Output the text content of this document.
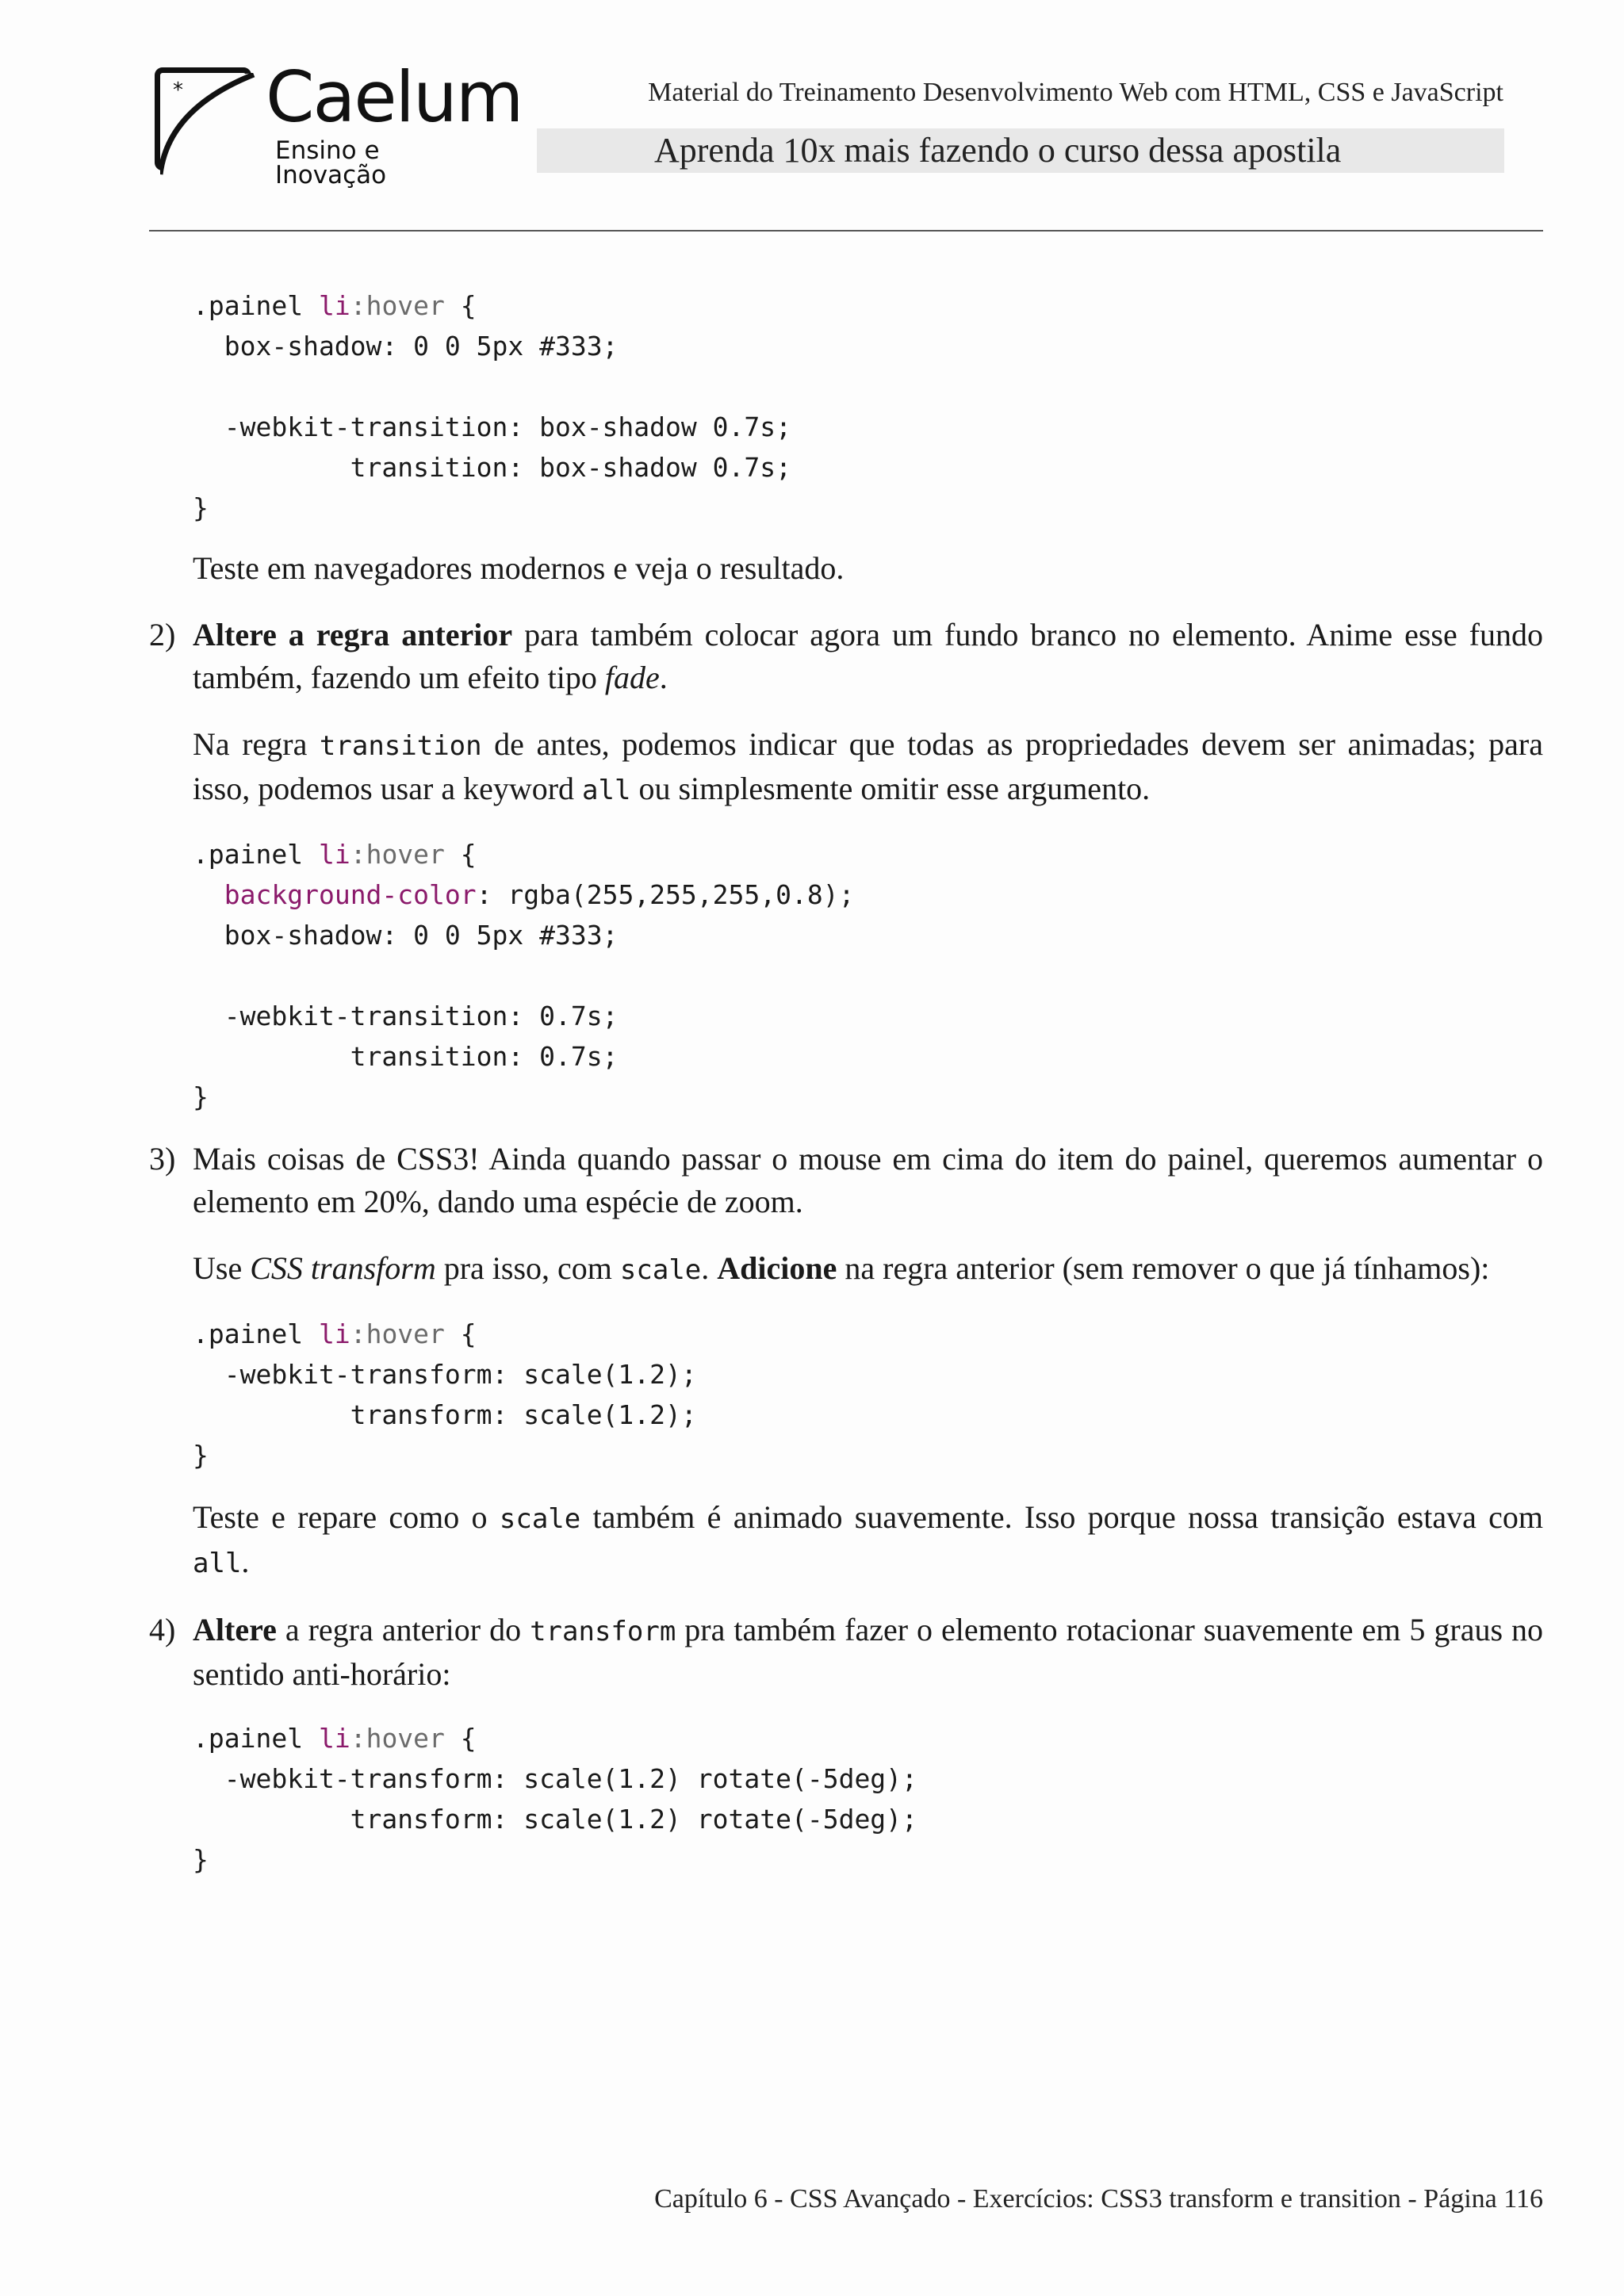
* Caelum
Ensino e Inovação
Material do Treinamento Desenvolvimento Web com HTML, CSS e JavaScript
Aprenda 10x mais fazendo o curso dessa apostila
.painel li:hover {
box-shadow: 0 0 5px #333;

-webkit-transition: box-shadow 0.7s;
transition: box-shadow 0.7s;
}

Teste em navegadores modernos e veja o resultado.

2) Altere a regra anterior para também colocar agora um fundo branco no elemento. Anime esse fundo também, fazendo um efeito tipo fade.

Na regra transition de antes, podemos indicar que todas as propriedades devem ser animadas; para isso, podemos usar a keyword all ou simplesmente omitir esse argumento.

.painel li:hover {
background-color: rgba(255,255,255,0.8);
box-shadow: 0 0 5px #333;

-webkit-transition: 0.7s;
transition: 0.7s;
}
3) Mais coisas de CSS3! Ainda quando passar o mouse em cima do item do painel, queremos aumentar o elemento em 20%, dando uma espécie de zoom.

Use CSS transform pra isso, com scale. Adicione na regra anterior (sem remover o que já tínhamos):

.painel li:hover {
-webkit-transform: scale(1.2);
transform: scale(1.2);
}

Teste e repare como o scale também é animado suavemente. Isso porque nossa transição estava com all.

4) Altere a regra anterior do transform pra também fazer o elemento rotacionar suavemente em 5 graus no sentido anti-horário:

.painel li:hover {
-webkit-transform: scale(1.2) rotate(-5deg);
transform: scale(1.2) rotate(-5deg);
}
Capítulo 6 - CSS Avançado - Exercícios: CSS3 transform e transition - Página 116
